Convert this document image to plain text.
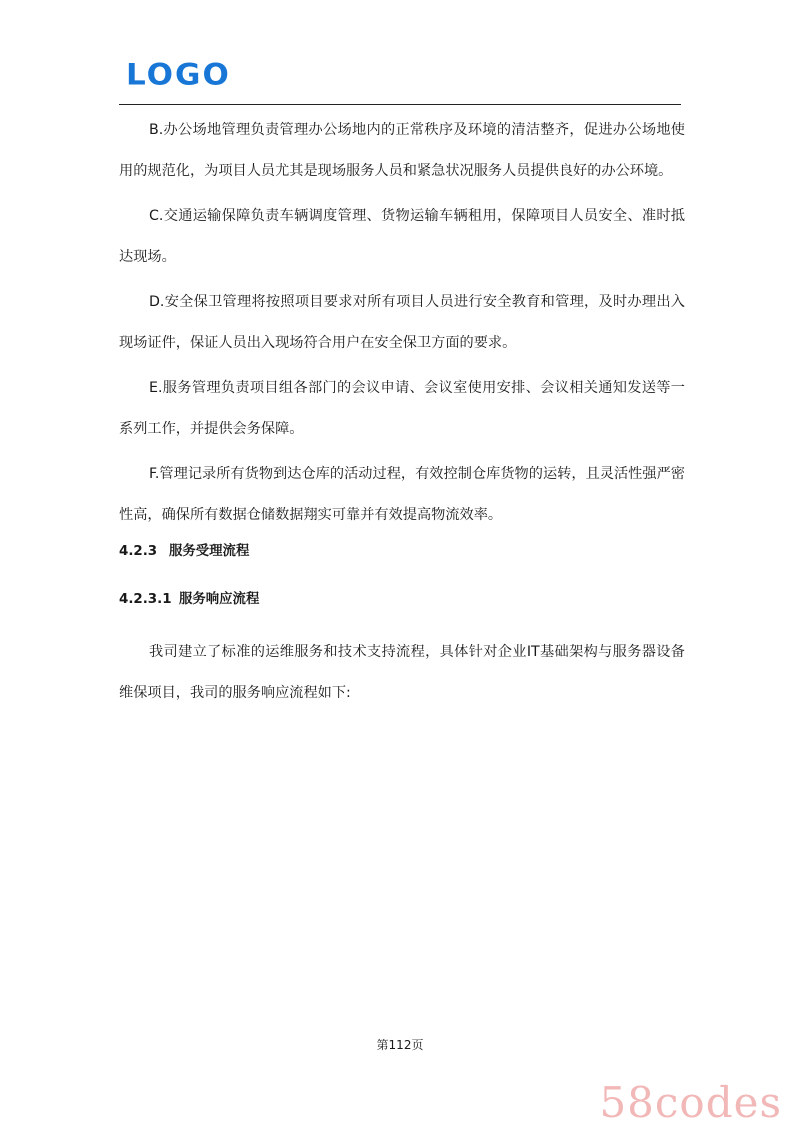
LOGO

B.办公场地管理负责管理办公场地内的正常秩序及环境的清洁整齐，促进办公场地使用的规范化，为项目人员尤其是现场服务人员和紧急状况服务人员提供良好的办公环境。

C.交通运输保障负责车辆调度管理、货物运输车辆租用，保障项目人员安全、准时抵达现场。

D.安全保卫管理将按照项目要求对所有项目人员进行安全教育和管理，及时办理出入现场证件，保证人员出入现场符合用户在安全保卫方面的要求。

E.服务管理负责项目组各部门的会议申请、会议室使用安排、会议相关通知发送等一系列工作，并提供会务保障。

F.管理记录所有货物到达仓库的活动过程，有效控制仓库货物的运转，且灵活性强严密性高，确保所有数据仓储数据翔实可靠并有效提高物流效率。

4.2.3 服务受理流程
4.2.3.1 服务响应流程

我司建立了标准的运维服务和技术支持流程，具体针对企业IT基础架构与服务器设备维保项目，我司的服务响应流程如下:

第112页
58codes
